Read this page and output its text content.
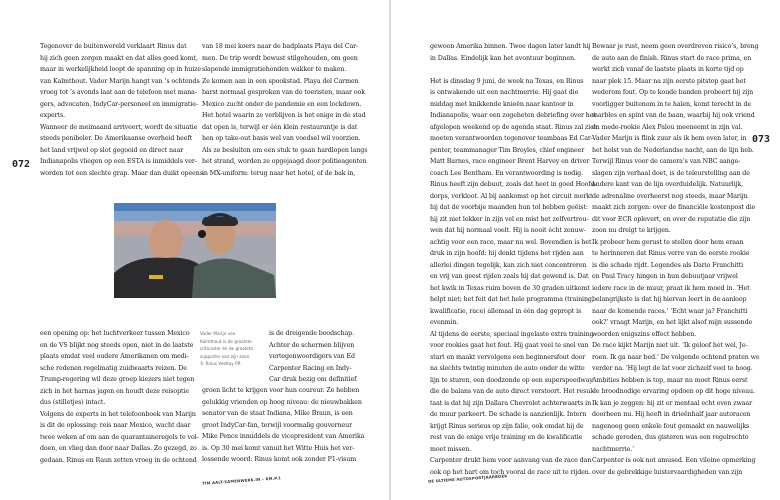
072

Tegenover de buitenwereld verklaart Rinus dat

hij zich geen zorgen maakt en dat alles goed komt,

maar in werkelijkheid loopt de spanning op in huize

van Kalmthout. Vader Marijn hangt van ’s ochtends

vroeg tot ’s avonds laat aan de telefoon met mana-

gers, advocaten, IndyCar-personeel en immigratie-

experts.

Wanneer de meimaand arriveert, wordt de situatie

steeds penibeler. De Amerikaanse overheid heeft

het land vrijwel op slot gegooid en direct naar

Indianapolis vliegen op een ESTA is inmiddels ver-

worden tot een slechte grap. Maar dan duikt opeens

van 18 mei koers naar de badplaats Playa del Car-

men. De trip wordt bewust stilgehouden, om geen

slapende immigratiehonden wakker te maken.

Ze komen aan in een spookstad. Playa del Carmen

barst normaal gesproken van de toeristen, maar ook

Mexico zucht onder de pandemie en een lockdown.

Het hotel waarin ze verblijven is het enige in de stad

dat open is, terwijl er één klein restaurantje is dat

hen op take-out basis wel van voedsel wil voorzien.

Als ze besluiten om een stuk te gaan hardlopen langs

het strand, worden ze opgejaagd door politieagenten

in MX-uniform: terug naar het hotel, of de bak in,

Vader Marijn van

Kalmthout is de grootste

criticaster én de grootste

supporter van zijn zoon.

© Rinus VeeKay PR

een opening op: het luchtverkeer tussen Mexico

en de VS blijkt nog steeds open, niet in de laatste

plaats omdat veel oudere Amerikanen om medi-

sche redenen regelmatig zuidwaarts reizen. De

Trump-regering wil deze groep kiezers niet tegen

zich in het harnas jagen en houdt deze reisoptie

dus (stilletjes) intact.

Volgens de experts in het telefoonboek van Marijn

is dit de oplossing: reis naar Mexico, wacht daar

twee weken af om aan de quarantaineregels te vol-

doen, en vlieg dan door naar Dallas. Zo gezegd, zo

gedaan. Rinus en Raun zetten vroeg in de ochtend

is de dreigende boodschap.

Achter de schermen blijven

vertegenwoordigers van Ed

Carpenter Racing en Indy-

Car druk bezig om definitief

groen licht te krijgen voor hun coureur. Ze hebben

gelukkig vrienden op hoog niveau: de nieuwbakken

senator van de staat Indiana, Mike Braun, is een

groot IndyCar-fan, terwijl voormalig gouverneur

Mike Pence inmiddels de vicepresident van Amerika

is. Op 30 mei komt vanuit het Witte Huis het ver-

lossende woord: Rinus komt ook zonder P1-visum

TIM AALT-SAMENWERK.IN – RM.P.1

gewoon Amerika binnen. Twee dagen later landt hij

in Dallas. Eindelijk kan het avontuur beginnen.

Het is dinsdag 9 juni, de week na Texas, en Rinus

is ontwakende uit een nachtmerrie. Hij gaat die

middag met knikkende knieën naar kantoor in

Indianapolis, waar een zogeheten debriefing over het

afgelopen weekend op de agenda staat. Rinus zal zich

moeten verantwoorden tegenover teambaas Ed Car-

penter, teammanager Tim Broyles, chief engineer

Matt Barnes, race engineer Brent Harvey en driver

coach Lee Bentham. En verantwoording is nodig.

Rinus heeft zijn debuut, zoals dat heet in goed Hoofd-

dorps, verkloot. Al bij aankomst op het circuit merkt

hij dat de voorbije maanden hun tol hebben geëist:

hij zit niet lekker in zijn vel en mist het zelfvertrou-

wen dat hij normaal voelt. Hij is nooit écht zenuw-

achtig voor een race, maar nu wel. Bovendien is het

druk in zijn hoofd: hij denkt tijdens het rijden aan

allerlei dingen tegelijk, kan zich niet concentreren

en vrij van geest rijden zoals hij dat gewend is. Dat

het kwik in Texas ruim boven de 30 graden uitkomt

helpt niet; het feit dat het hele programma (training,

kwalificatie, race) allemaal in één dag gepropt is

evenmin.

Al tijdens de eerste, speciaal ingelaste extra training

voor rookies gaat het fout. Hij gaat veel te snel van

start en maakt vervolgens een beginnersfout door

na slechts twintig minuten de auto onder de witte

lijn te sturen, een doodzonde op een superspeedway

die de balans van de auto direct verstoort. Het resul-

taat is dat hij zijn Dallara Chevrolet achterwaarts in

de muur parkeert. De schade is aanzienlijk. Intern

krijgt Rinus serieus op zijn falie, ook omdat hij de

rest van de enige vrije training en de kwalificatie

moet missen.

Carpenter drukt hem voor aanvang van de race dan

ook op het hart om toch vooral de race uit te rijden.

Bewaar je rust, neem geen overdreven risico’s, breng

de auto aan de finish. Rinus start de race prima, en

werkt zich vanaf de laatste plaats in korte tijd op

naar plek 15. Maar na zijn eerste pitstop gaat het

wederom fout. Op te koude banden probeert hij zijn

voorligger buitenom in te halen, komt terecht in de

marbles en spint van de baan, waarbij hij ook vriend

en mede-rookie Alex Palou meeneemt in zijn val.

Vader Marijn is flink zuur als ik hem even later, in

het holst van de Nederlandse nacht, aan de lijn heb.

Terwijl Rinus voor de camera’s van NBC aange-

slagen zijn verhaal doet, is de teleurstelling aan de

andere kant van de lijn overduidelijk. Natuurlijk,

de adrenaline overheerst nog steeds, maar Marijn

maakt zich zorgen: over de financiële kostenpost die

dit voor ECR oplevert, en over de reputatie die zijn

zoon nu dreigt te krijgen.

Ik probeer hem gerust te stellen door hem eraan

te herinneren dat Rinus verre van de eerste rookie

is die schade rijdt. Legendes als Dario Franchitti

en Paul Tracy hingen in hun debuutjaar vrijwel

iedere race in de muur, praat ik hem moed in. ‘Het

belangrijkste is dat hij hiervan leert in de aanloop

naar de komende races.’ ‘Echt waar ja? Franchitti

ook?’ vraagt Marijn, en het lijkt alsof mijn sussende

woorden enigszins effect hebben.

De race kijkt Marijn niet uit. ‘Ik geloof het wel, Je-

roen. Ik ga naar bed.’ De volgende ochtend praten we

verder na. ‘Hij legt de lat voor zichzelf veel te hoog.

Ambities hebben is top, maar nu moet Rinus eerst

de broodnodige ervaring opdoen op dit hoge niveau.

Ik kan je zeggen: hij zit er mentaal echt even zwaar

doorheen nu. Hij heeft in drieënhalf jaar autoracen

nagenoeg geen enkele fout gemaakt en nauwelijks

schade gereden, dus gisteren was een regelrechte

nachtmerrie.’

Carpenter is ook not amused. Een vileine opmerking

over de gebrekkige luistervaardigheden van zijn

073
DE ULTIEME AUTOSPORTJAARBOEK
